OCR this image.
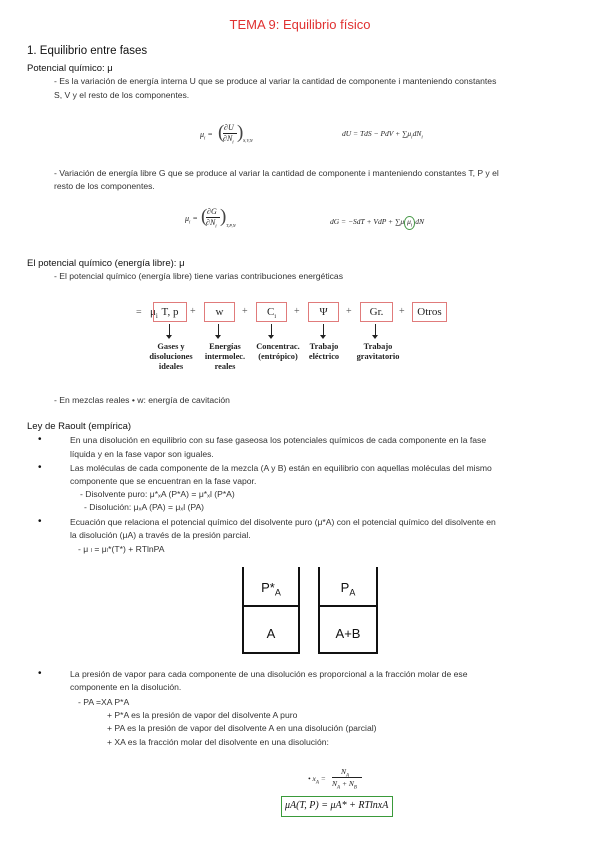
TEMA 9: Equilibrio físico
1. Equilibrio entre fases
Potencial químico: μ
- Es la variación de energía interna U que se produce al variar la cantidad de componente i manteniendo constantes
S, V y el resto de los componentes.
$\mu_i$ = ( ∂U
$\partial N_i$
) S,V,N
dU = TdS − PdV + $\sum\mu_idN_i$
- Variación de energía libre G que se produce al variar la cantidad de componente i manteniendo constantes T, P y el
resto de los componentes.
$\mu_i$ = ( ∂G
$\partial N_i$
) T,P,N	dG = −SdT + VdP + ∑μ $\mu_i$ dN
El potencial químico (energía libre): μ
- El potencial químico (energía libre) tiene varias contribuciones energéticas
$\mu_i$
=	T, p	+	w	+	$C_i$
+	Ψ	+	Gr.	+	Otros
Gases y
disoluciones
ideales
Energías
intermolec.
reales
Concentrac.
(entrópico)
Trabajo
eléctrico
Trabajo
gravitatorio
- En mezclas reales • w: energía de cavitación
Ley de Raoult (empírica)
•	En una disolución en equilibrio con su fase gaseosa los potenciales químicos de cada componente en la fase
líquida y en la fase vapor son iguales.
•	Las moléculas de cada componente de la mezcla (A y B) están en equilibrio con aquellas moléculas del mismo
componente que se encuentran en la fase vapor.
- Disolvente puro: μ*ₓA (P*A) = μ*ₓl (P*A)
- Disolución: μₓA (PA) = μₓl (PA)
•	Ecuación que relaciona el potencial químico del disolvente puro (μ*A) con el potencial químico del disolvente en
la disolución (μA) a través de la presión parcial.
- μ ₗ = μₗ*(T*) + RTlnPA
$P*_A$
A
$P_A$
A+B
•	La presión de vapor para cada componente de una disolución es proporcional a la fracción molar de ese
componente en la disolución.
- PA =XA P*A
+ P*A es la presión de vapor del disolvente A puro
+ PA es la presión de vapor del disolvente A en una disolución (parcial)
+ XA es la fracción molar del disolvente en una disolución:
• $x_A$ =
$N_A$
$N_A + N_B$
μA(T, P) = μA* + RTlnxA
